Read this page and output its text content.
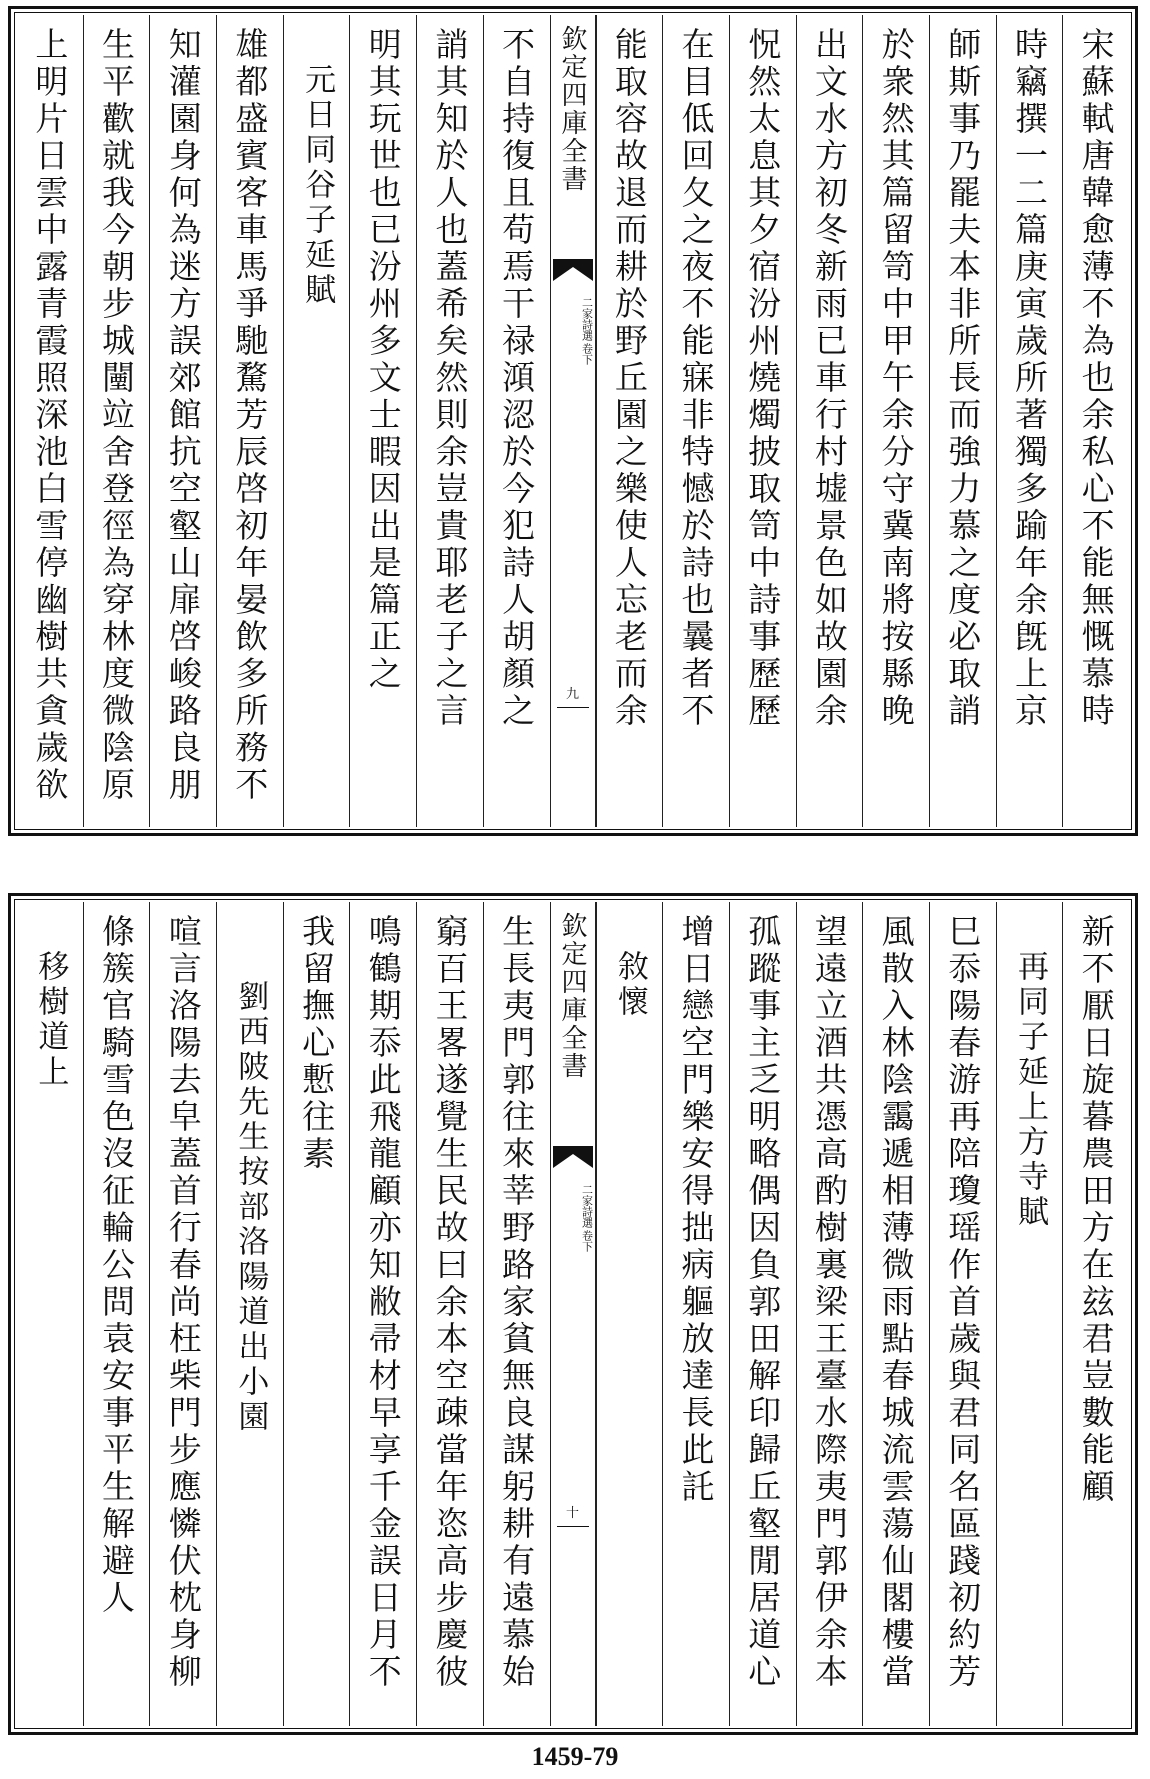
宋蘇軾唐韓愈薄不為也余私心不能無慨慕時
時竊撰一二篇庚寅歲所著獨多踰年余旣上京
師斯事乃罷夫本非所長而強力慕之度必取誚
於衆然其篇留笥中甲午余分守冀南將按縣晚
出文水方初冬新雨已車行村墟景色如故園余
怳然太息其夕宿汾州燒燭披取笥中詩事歷歷
在目低回夂之夜不能寐非特憾於詩也曩者不
能取容故退而耕於野丘園之樂使人忘老而余
欽定四庫全書
二家詩選
卷下
九
不自持復且苟焉干禄澒涊於今犯詩人胡顏之
誚其知於人也蓋希矣然則余豈貴耶老子之言
明其玩世也已汾州多文士暇因出是篇正之
元日同谷子延賦
雄都盛賓客車馬爭馳騖芳辰啓初年晏飲多所務不
知灌園身何為迷方誤郊館抗空壑山扉啓峻路良朋
生平歡就我今朝步城闉竝舍登徑為穿林度微陰原
上明片日雲中露青霞照深池白雪停幽樹共貪歲欲
新不厭日旋暮農田方在玆君豈數能顧
再同子延上方寺賦
巳忝陽春游再陪瓊瑶作首歲與君同名區踐初約芳
風散入林陰靄遞相薄微雨點春城流雲蕩仙閣樓當
望遠立酒共憑高酌樹裏梁王臺水際夷門郭伊余本
孤蹤事主乏明略偶因負郭田解印歸丘壑閒居道心
增日戀空門樂安得拙病軀放達長此託
敘懷
欽定四庫全書
二家詩選
卷下
十
生長夷門郭往來莘野路家貧無良謀躬耕有遠慕始
窮百王畧遂覺生民故曰余本空疎當年恣高步慶彼
鳴鶴期忝此飛龍顧亦知敝帚材早享千金誤日月不
我留撫心慙往素
劉西陂先生按部洛陽道出小園
喧言洛陽去皁蓋首行春尚枉柴門步應憐伏枕身柳
條簇官騎雪色沒征輪公問袁安事平生解避人
移樹道上
1459-79
